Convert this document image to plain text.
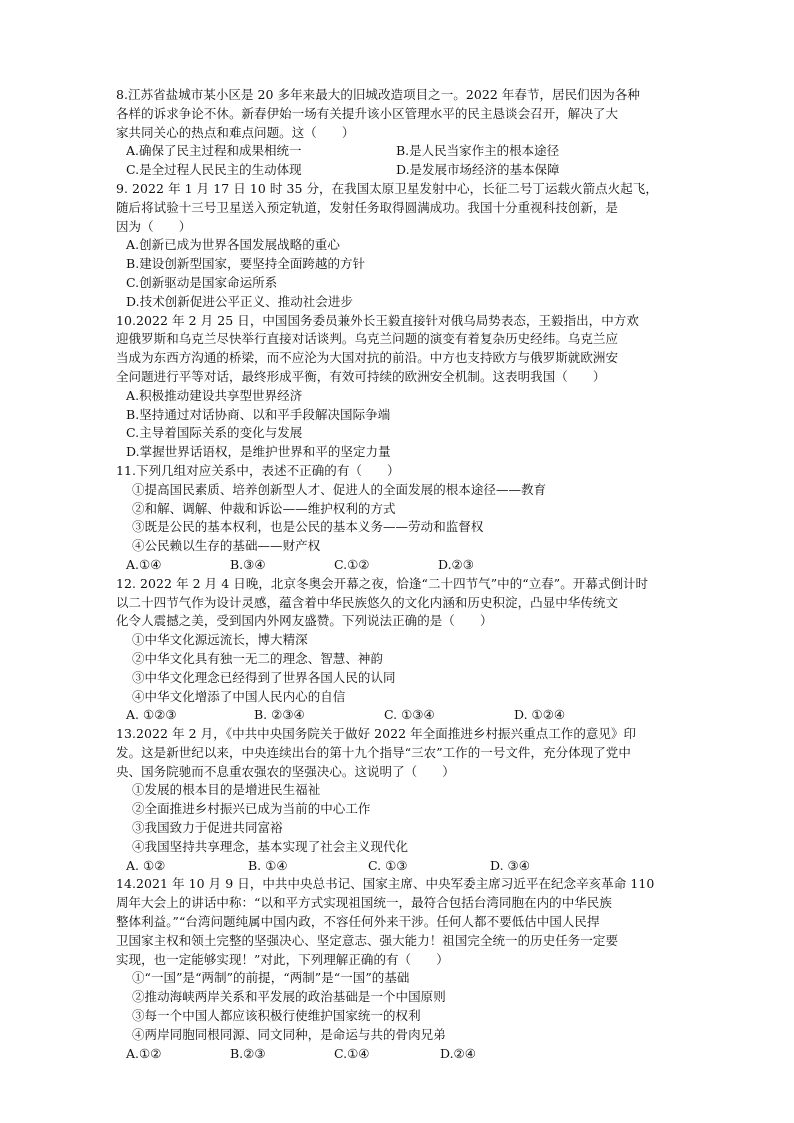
8.江苏省盐城市某小区是 20 多年来最大的旧城改造项目之一。2022 年春节，居民们因为各种
各样的诉求争论不休。新春伊始一场有关提升该小区管理水平的民主恳谈会召开，解决了大
家共同关心的热点和难点问题。这（　　）
A.确保了民主过程和成果相统一	B.是人民当家作主的根本途径
C.是全过程人民民主的生动体现	D.是发展市场经济的基本保障
9. 2022 年 1 月 17 日 10 时 35 分，在我国太原卫星发射中心，长征二号丁运载火箭点火起飞，
随后将试验十三号卫星送入预定轨道，发射任务取得圆满成功。我国十分重视科技创新，是
因为（　　）
A.创新已成为世界各国发展战略的重心
B.建设创新型国家，要坚持全面跨越的方针
C.创新驱动是国家命运所系
D.技术创新促进公平正义、推动社会进步
10.2022 年 2 月 25 日，中国国务委员兼外长王毅直接针对俄乌局势表态，王毅指出，中方欢
迎俄罗斯和乌克兰尽快举行直接对话谈判。乌克兰问题的演变有着复杂历史经纬。乌克兰应
当成为东西方沟通的桥梁，而不应沦为大国对抗的前沿。中方也支持欧方与俄罗斯就欧洲安
全问题进行平等对话，最终形成平衡，有效可持续的欧洲安全机制。这表明我国（　　）
A.积极推动建设共享型世界经济
B.坚持通过对话协商、以和平手段解决国际争端
C.主导着国际关系的变化与发展
D.掌握世界话语权，是维护世界和平的坚定力量
11.下列几组对应关系中，表述不正确的有（　　）
①提高国民素质、培养创新型人才、促进人的全面发展的根本途径——教育
②和解、调解、仲裁和诉讼——维护权利的方式
③既是公民的基本权利，也是公民的基本义务——劳动和监督权
④公民赖以生存的基础——财产权
A.①④	B.③④	C.①②	D.②③
12. 2022 年 2 月 4 日晚，北京冬奥会开幕之夜，恰逢“二十四节气”中的“立春”。开幕式倒计时
以二十四节气作为设计灵感，蕴含着中华民族悠久的文化内涵和历史积淀，凸显中华传统文
化令人震撼之美，受到国内外网友盛赞。下列说法正确的是（　　）
①中华文化源远流长，博大精深
②中华文化具有独一无二的理念、智慧、神韵
③中华文化理念已经得到了世界各国人民的认同
④中华文化增添了中国人民内心的自信
A. ①②③	B. ②③④	C. ①③④	D. ①②④
13.2022 年 2 月，《中共中央国务院关于做好 2022 年全面推进乡村振兴重点工作的意见》印
发。这是新世纪以来，中央连续出台的第十九个指导“三农”工作的一号文件，充分体现了党中
央、国务院驰而不息重农强农的坚强决心。这说明了（　　）
①发展的根本目的是增进民生福祉
②全面推进乡村振兴已成为当前的中心工作
③我国致力于促进共同富裕
④我国坚持共享理念，基本实现了社会主义现代化
A. ①②	B. ①④	C. ①③	D. ③④
14.2021 年 10 月 9 日，中共中央总书记、国家主席、中央军委主席习近平在纪念辛亥革命 110
周年大会上的讲话中称：“以和平方式实现祖国统一，最符合包括台湾同胞在内的中华民族
整体利益。”“台湾问题纯属中国内政，不容任何外来干涉。任何人都不要低估中国人民捍
卫国家主权和领土完整的坚强决心、坚定意志、强大能力！祖国完全统一的历史任务一定要
实现，也一定能够实现！”对此，下列理解正确的有（　　）
①“一国”是“两制”的前提，“两制”是“一国”的基础
②推动海峡两岸关系和平发展的政治基础是一个中国原则
③每一个中国人都应该积极行使维护国家统一的权利
④两岸同胞同根同源、同文同种，是命运与共的骨肉兄弟
A.①②	B.②③	C.①④	D.②④
